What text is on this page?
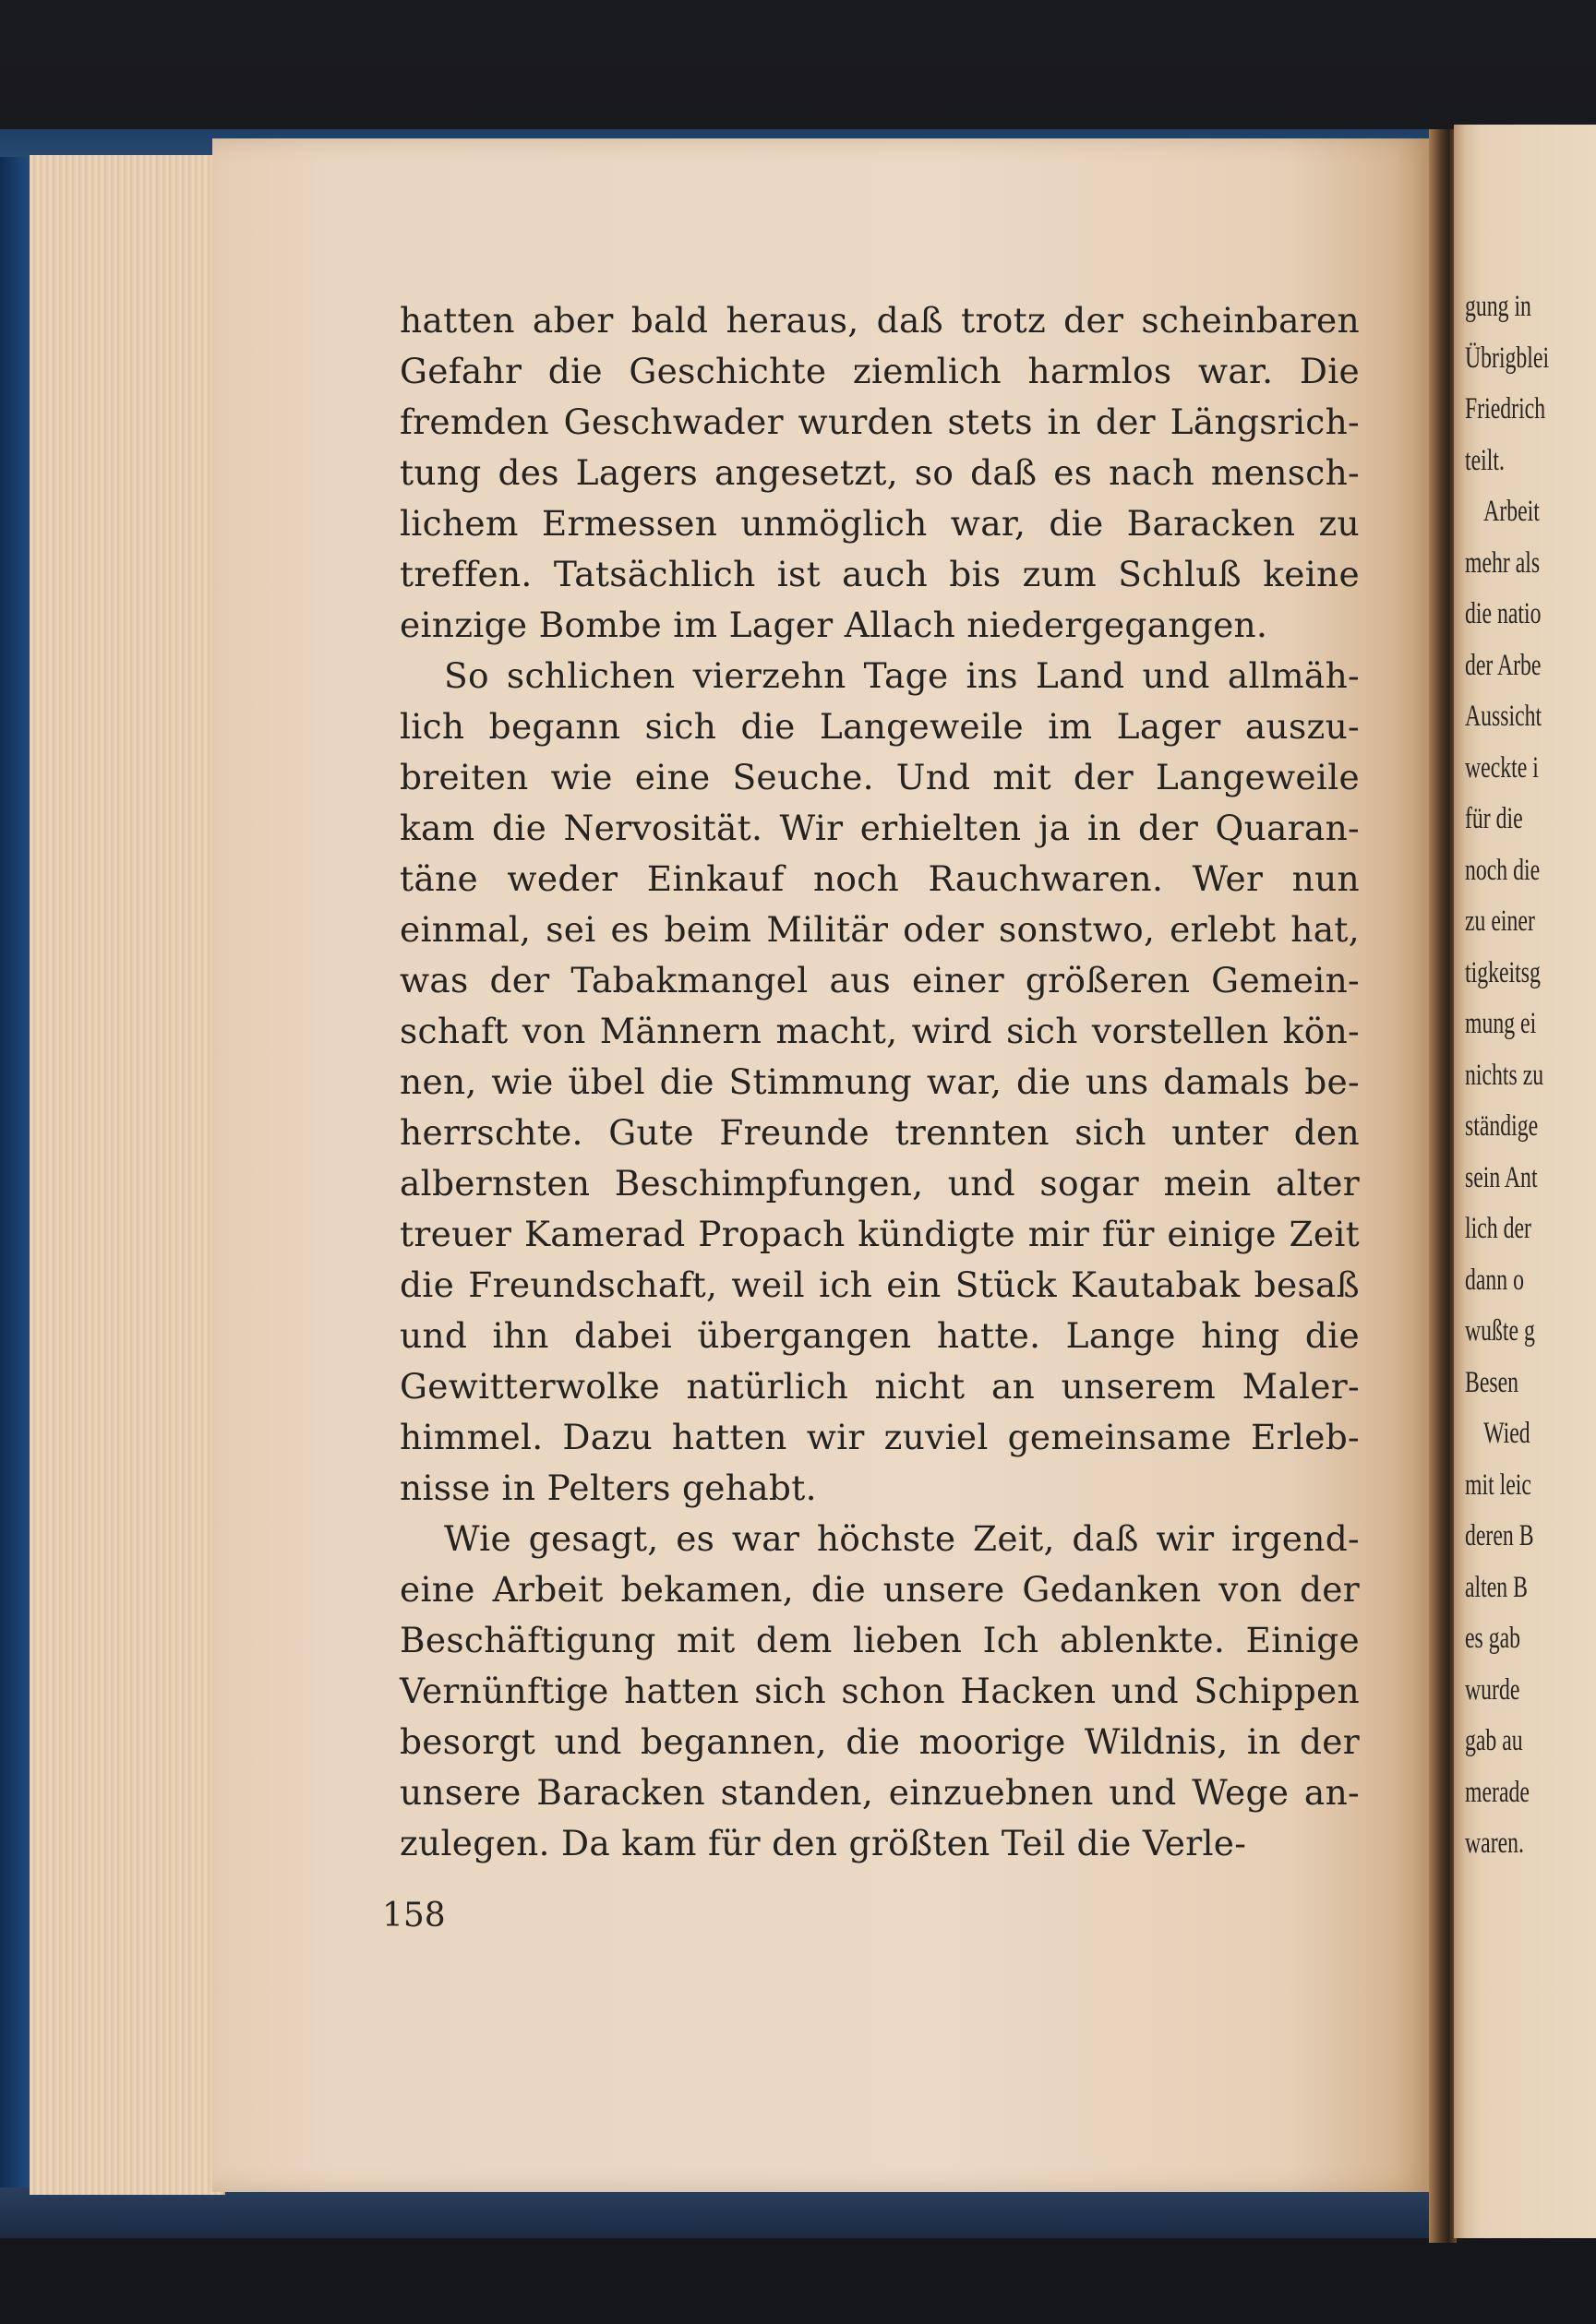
gung in
Übrigblei
Friedrich
teilt.
Arbeit
mehr als
die natio
der Arbe
Aussicht
weckte i
für die
noch die
zu einer
tigkeitsg
mung ei
nichts zu
ständige
sein Ant
lich der
dann o
wußte g
Besen
Wied
mit leic
deren B
alten B
es gab
wurde
gab au
merade
waren.
hatten aber bald heraus, daß trotz der scheinbaren
Gefahr die Geschichte ziemlich harmlos war. Die
fremden Geschwader wurden stets in der Längsrich-
tung des Lagers angesetzt, so daß es nach mensch-
lichem Ermessen unmöglich war, die Baracken zu
treffen. Tatsächlich ist auch bis zum Schluß keine
einzige Bombe im Lager Allach niedergegangen.
So schlichen vierzehn Tage ins Land und allmäh-
lich begann sich die Langeweile im Lager auszu-
breiten wie eine Seuche. Und mit der Langeweile
kam die Nervosität. Wir erhielten ja in der Quaran-
täne weder Einkauf noch Rauchwaren. Wer nun
einmal, sei es beim Militär oder sonstwo, erlebt hat,
was der Tabakmangel aus einer größeren Gemein-
schaft von Männern macht, wird sich vorstellen kön-
nen, wie übel die Stimmung war, die uns damals be-
herrschte. Gute Freunde trennten sich unter den
albernsten Beschimpfungen, und sogar mein alter
treuer Kamerad Propach kündigte mir für einige Zeit
die Freundschaft, weil ich ein Stück Kautabak besaß
und ihn dabei übergangen hatte. Lange hing die
Gewitterwolke natürlich nicht an unserem Maler-
himmel. Dazu hatten wir zuviel gemeinsame Erleb-
nisse in Pelters gehabt.
Wie gesagt, es war höchste Zeit, daß wir irgend-
eine Arbeit bekamen, die unsere Gedanken von der
Beschäftigung mit dem lieben Ich ablenkte. Einige
Vernünftige hatten sich schon Hacken und Schippen
besorgt und begannen, die moorige Wildnis, in der
unsere Baracken standen, einzuebnen und Wege an-
zulegen. Da kam für den größten Teil die Verle-
158
